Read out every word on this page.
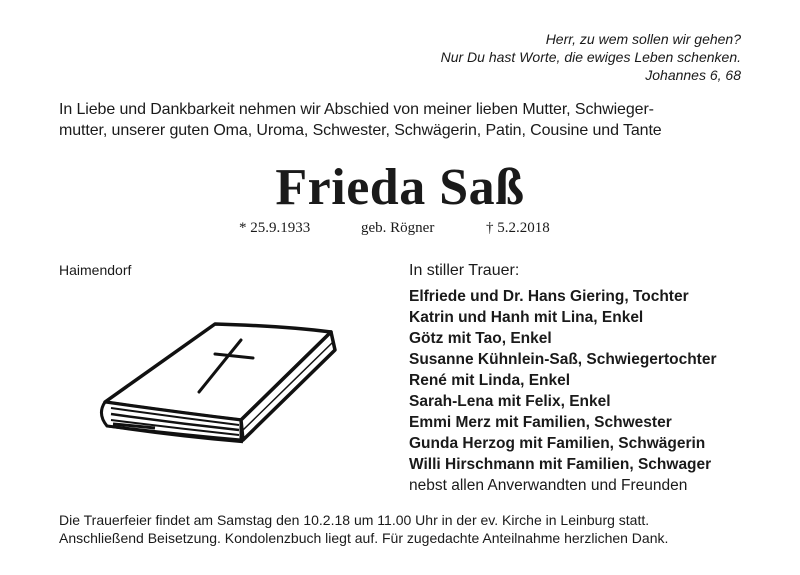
Herr, zu wem sollen wir gehen?
Nur Du hast Worte, die ewiges Leben schenken.
Johannes 6, 68
In Liebe und Dankbarkeit nehmen wir Abschied von meiner lieben Mutter, Schwieger-
mutter, unserer guten Oma, Uroma, Schwester, Schwägerin, Patin, Cousine und Tante
Frieda Saß
* 25.9.1933	geb. Rögner	† 5.2.2018
Haimendorf	In stiller Trauer:
Elfriede und Dr. Hans Giering, Tochter
Katrin und Hanh mit Lina, Enkel
Götz mit Tao, Enkel
Susanne Kühnlein-Saß, Schwiegertochter
René mit Linda, Enkel
Sarah-Lena mit Felix, Enkel
Emmi Merz mit Familien, Schwester
Gunda Herzog mit Familien, Schwägerin
Willi Hirschmann mit Familien, Schwager
nebst allen Anverwandten und Freunden
Die Trauerfeier findet am Samstag den 10.2.18 um 11.00 Uhr in der ev. Kirche in Leinburg statt.
Anschließend Beisetzung. Kondolenzbuch liegt auf. Für zugedachte Anteilnahme herzlichen Dank.
